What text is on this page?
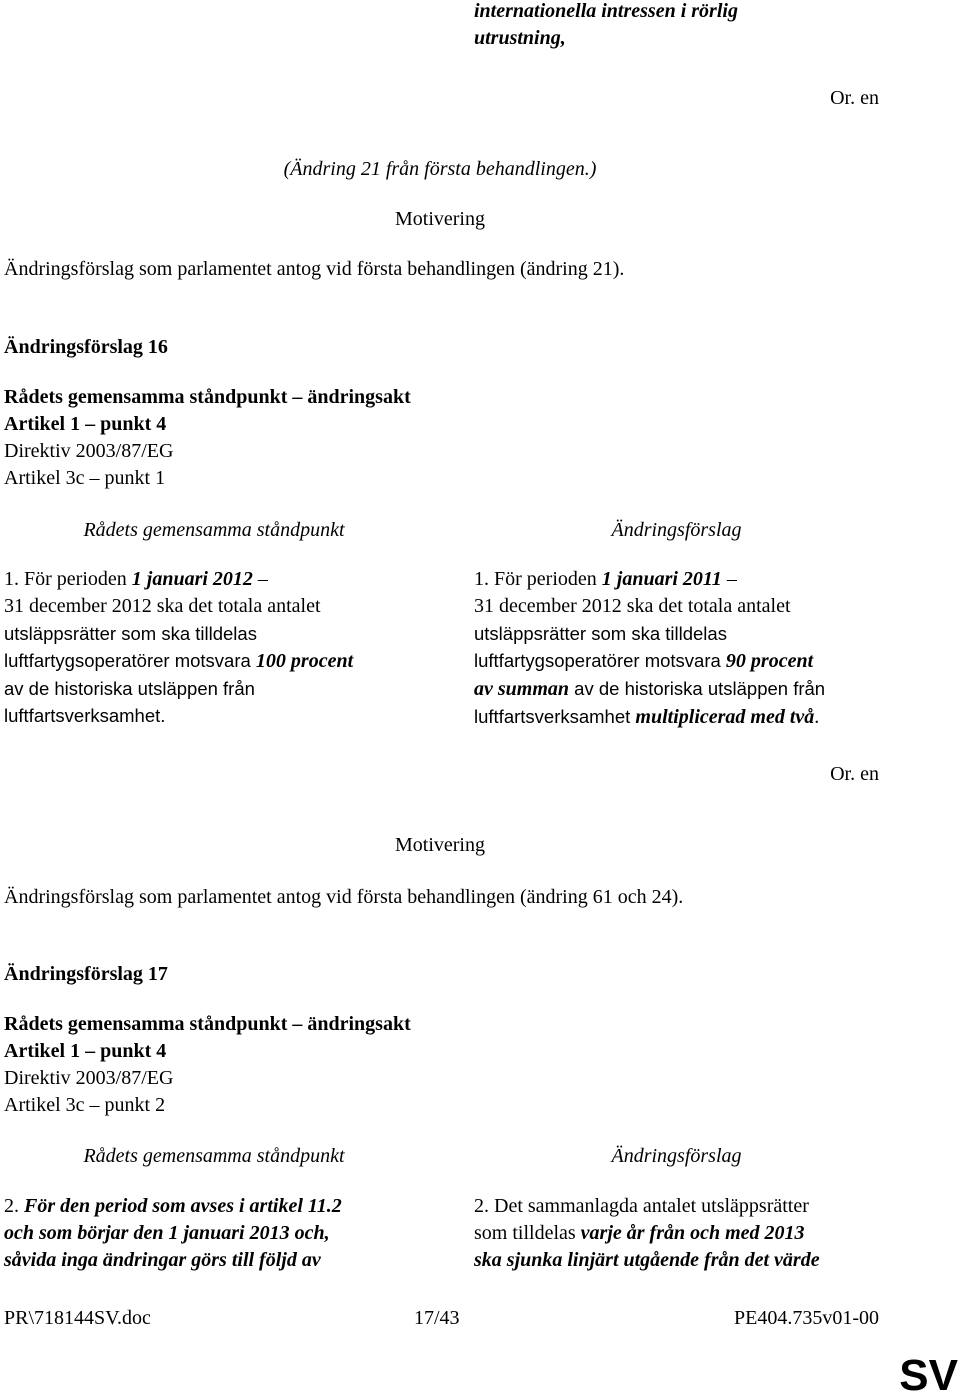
internationella intressen i rörlig
utrustning,
Or. en
(Ändring 21 från första behandlingen.)
Motivering
Ändringsförslag som parlamentet antog vid första behandlingen (ändring 21).
Ändringsförslag 16
Rådets gemensamma ståndpunkt – ändringsakt
Artikel 1 – punkt 4
Direktiv 2003/87/EG
Artikel 3c – punkt 1
Rådets gemensamma ståndpunkt	Ändringsförslag
1. För perioden 1 januari 2012 –
31 december 2012 ska det totala antalet
utsläppsrätter som ska tilldelas
luftfartygsoperatörer motsvara 100 procent
av de historiska utsläppen från
luftfartsverksamhet.
1. För perioden 1 januari 2011 –
31 december 2012 ska det totala antalet
utsläppsrätter som ska tilldelas
luftfartygsoperatörer motsvara 90 procent
av summan av de historiska utsläppen från
luftfartsverksamhet multiplicerad med två.
Or. en
Motivering
Ändringsförslag som parlamentet antog vid första behandlingen (ändring 61 och 24).
Ändringsförslag 17
Rådets gemensamma ståndpunkt – ändringsakt
Artikel 1 – punkt 4
Direktiv 2003/87/EG
Artikel 3c – punkt 2
Rådets gemensamma ståndpunkt	Ändringsförslag
2. För den period som avses i artikel 11.2
och som börjar den 1 januari 2013 och,
såvida inga ändringar görs till följd av
2. Det sammanlagda antalet utsläppsrätter
som tilldelas varje år från och med 2013
ska sjunka linjärt utgående från det värde
PR\718144SV.doc	17/43	PE404.735v01-00
SV
